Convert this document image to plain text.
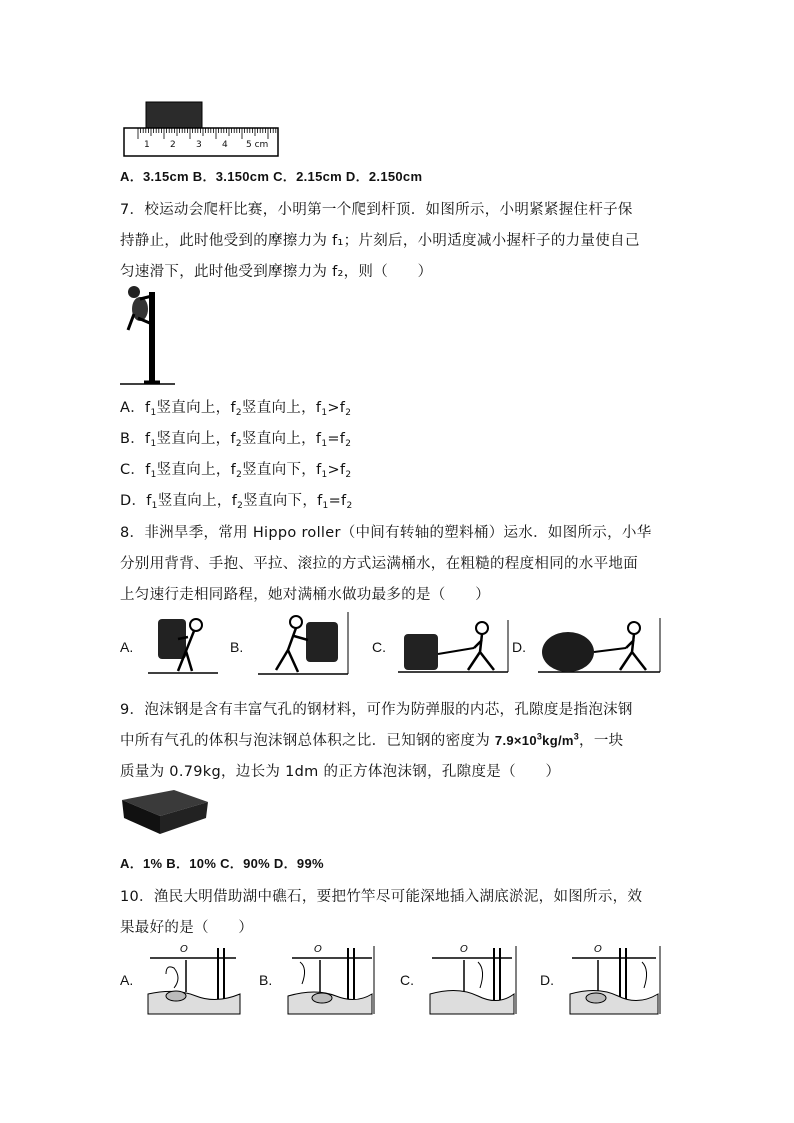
1 2 3 4 5 cm
A．3.15cm B．3.150cm C．2.15cm D．2.150cm
7．校运动会爬杆比赛，小明第一个爬到杆顶．如图所示，小明紧紧握住杆子保
持静止，此时他受到的摩擦力为 f₁；片刻后，小明适度减小握杆子的力量使自己
匀速滑下，此时他受到摩擦力为 f₂，则（　　）
A．$f_1$竖直向上，$f_2$竖直向上，$f_1>f_2$
B．$f_1$竖直向上，$f_2$竖直向上，$f_1=f_2$
C．$f_1$竖直向上，$f_2$竖直向下，$f_1>f_2$
D．$f_1$竖直向上，$f_2$竖直向下，$f_1=f_2$
8．非洲旱季，常用 Hippo roller（中间有转轴的塑料桶）运水．如图所示，小华
分别用背背、手抱、平拉、滚拉的方式运满桶水，在粗糙的程度相同的水平地面
上匀速行走相同路程，她对满桶水做功最多的是（　　）
A.	B.	C.	D.
9．泡沫钢是含有丰富气孔的钢材料，可作为防弹服的内芯，孔隙度是指泡沫钢
中所有气孔的体积与泡沫钢总体积之比．已知钢的密度为 $7.9\times 10^3kg/m^3$，一块
质量为 0.79kg，边长为 1dm 的正方体泡沫钢，孔隙度是（　　）
A．1% B．10% C．90% D．99%
10．渔民大明借助湖中礁石，要把竹竿尽可能深地插入湖底淤泥，如图所示，效
果最好的是（　　）
A.
O
B.
O
C.
O
D.
O
